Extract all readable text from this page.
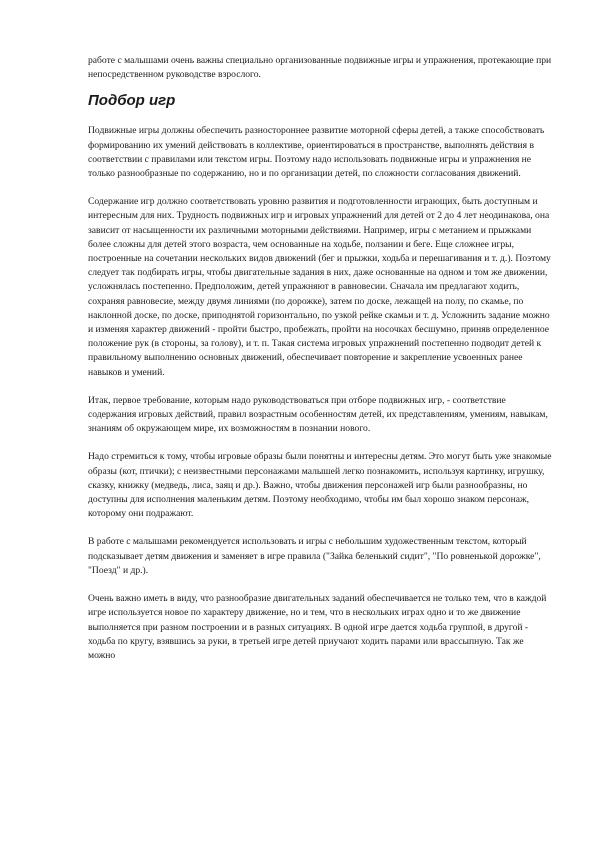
работе с малышами очень важны специально организованные подвижные игры и упражнения, протекающие при непосредственном руководстве взрослого.

Подбор игр

Подвижные игры должны обеспечить разностороннее развитие моторной сферы детей, а также способствовать формированию их умений действовать в коллективе, ориентироваться в пространстве, выполнять действия в соответствии с правилами или текстом игры. Поэтому надо использовать подвижные игры и упражнения не только разнообразные по содержанию, но и по организации детей, по сложности согласования движений.

Содержание игр должно соответствовать уровню развития и подготовленности играющих, быть доступным и интересным для них. Трудность подвижных игр и игровых упражнений для детей от 2 до 4 лет неодинакова, она зависит от насыщенности их различными моторными действиями. Например, игры с метанием и прыжками более сложны для детей этого возраста, чем основанные на ходьбе, ползании и беге. Еще сложнее игры, построенные на сочетании нескольких видов движений (бег и прыжки, ходьба и перешагивания и т. д.). Поэтому следует так подбирать игры, чтобы двигательные задания в них, даже основанные на одном и том же движении, усложнялась постепенно. Предположим, детей упражняют в равновесии. Сначала им предлагают ходить, сохраняя равновесие, между двумя линиями (по дорожке), затем по доске, лежащей на полу, по скамье, по наклонной доске, по доске, приподнятой горизонтально, по узкой рейке скамьи и т. д. Усложнить задание можно и изменяя характер движений - пройти быстро, пробежать, пройти на носочках бесшумно, приняв определенное положение рук (в стороны, за голову), и т. п. Такая система игровых упражнений постепенно подводит детей к правильному выполнению основных движений, обеспечивает повторение и закрепление усвоенных ранее навыков и умений.

Итак, первое требование, которым надо руководствоваться при отборе подвижных игр, - соответствие содержания игровых действий, правил возрастным особенностям детей, их представлениям, умениям, навыкам, знаниям об окружающем мире, их возможностям в познании нового.

Надо стремиться к тому, чтобы игровые образы были понятны и интересны детям. Это могут быть уже знакомые образы (кот, птички); с неизвестными персонажами малышей легко познакомить, используя картинку, игрушку, сказку, книжку (медведь, лиса, заяц и др.). Важно, чтобы движения персонажей игр были разнообразны, но доступны для исполнения маленьким детям. Поэтому необходимо, чтобы им был хорошо знаком персонаж, которому они подражают.

В работе с малышами рекомендуется использовать и игры с небольшим художественным текстом, который подсказывает детям движения и заменяет в игре правила ("Зайка беленький сидит", "По ровненькой дорожке", "Поезд" и др.).

Очень важно иметь в виду, что разнообразие двигательных заданий обеспечивается не только тем, что в каждой игре используется новое по характеру движение, но и тем, что в нескольких играх одно и то же движение выполняется при разном построении и в разных ситуациях. В одной игре дается ходьба группой, в другой - ходьба по кругу, взявшись за руки, в третьей игре детей приучают ходить парами или врассыпную. Так же можно
